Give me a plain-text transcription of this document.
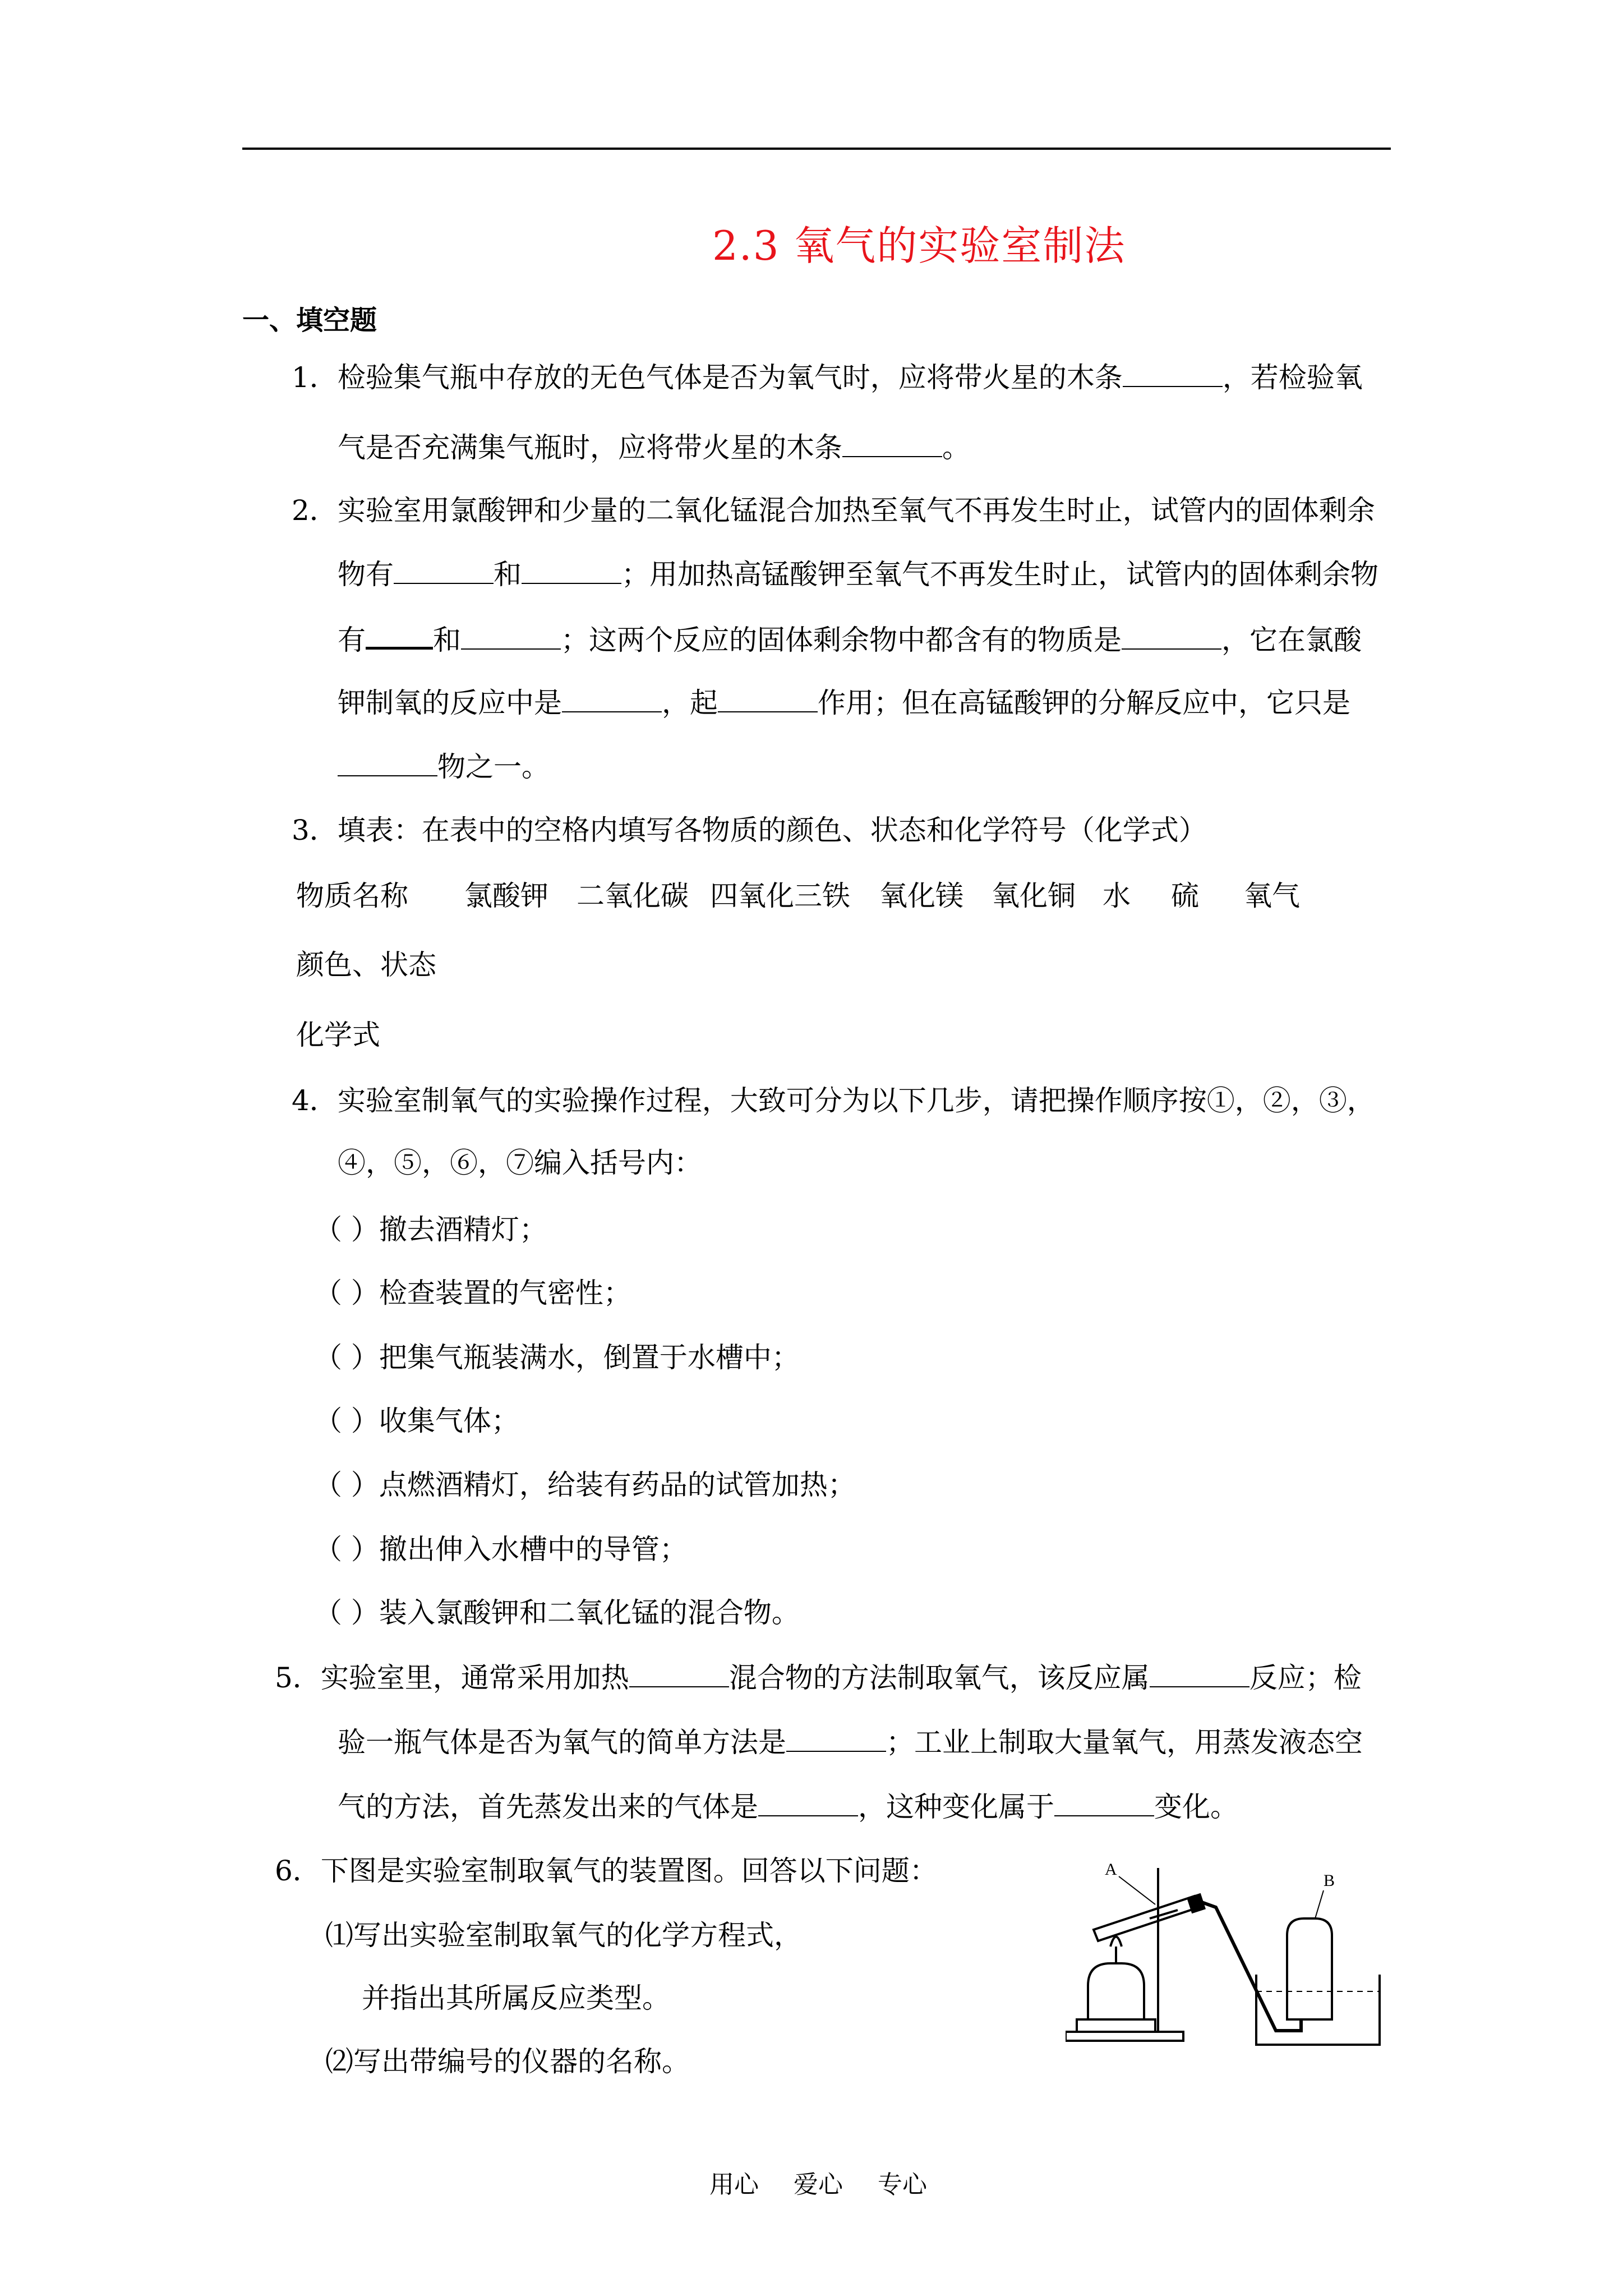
2.3 氧气的实验室制法
一、填空题
1．检验集气瓶中存放的无色气体是否为氧气时，应将带火星的木条	，若检验氧
气是否充满集气瓶时，应将带火星的木条	。
2．实验室用氯酸钾和少量的二氧化锰混合加热至氧气不再发生时止，试管内的固体剩余
物有	和	；用加热高锰酸钾至氧气不再发生时止，试管内的固体剩余物
有 和	；这两个反应的固体剩余物中都含有的物质是	，它在氯酸
钾制氧的反应中是	，起	作用；但在高锰酸钾的分解反应中，它只是
物之一。
3．填表：在表中的空格内填写各物质的颜色、状态和化学符号（化学式）
物质名称 氯酸钾 二氧化碳 四氧化三铁 氧化镁 氧化铜 水 硫 氧气
颜色、状态
化学式
4．实验室制氧气的实验操作过程，大致可分为以下几步，请把操作顺序按①，②，③，
④，⑤，⑥，⑦编入括号内：
（ ）撤去酒精灯；
（ ）检查装置的气密性；
（ ）把集气瓶装满水，倒置于水槽中；
（ ）收集气体；
（ ）点燃酒精灯，给装有药品的试管加热；
（ ）撤出伸入水槽中的导管；
（ ）装入氯酸钾和二氧化锰的混合物。
5．实验室里，通常采用加热	混合物的方法制取氧气，该反应属	反应；检
验一瓶气体是否为氧气的简单方法是	；工业上制取大量氧气，用蒸发液态空
气的方法，首先蒸发出来的气体是	，这种变化属于	变化。
6．下图是实验室制取氧气的装置图。回答以下问题：
⑴写出实验室制取氧气的化学方程式，
并指出其所属反应类型。
⑵写出带编号的仪器的名称。
A
B
用心 爱心 专心
